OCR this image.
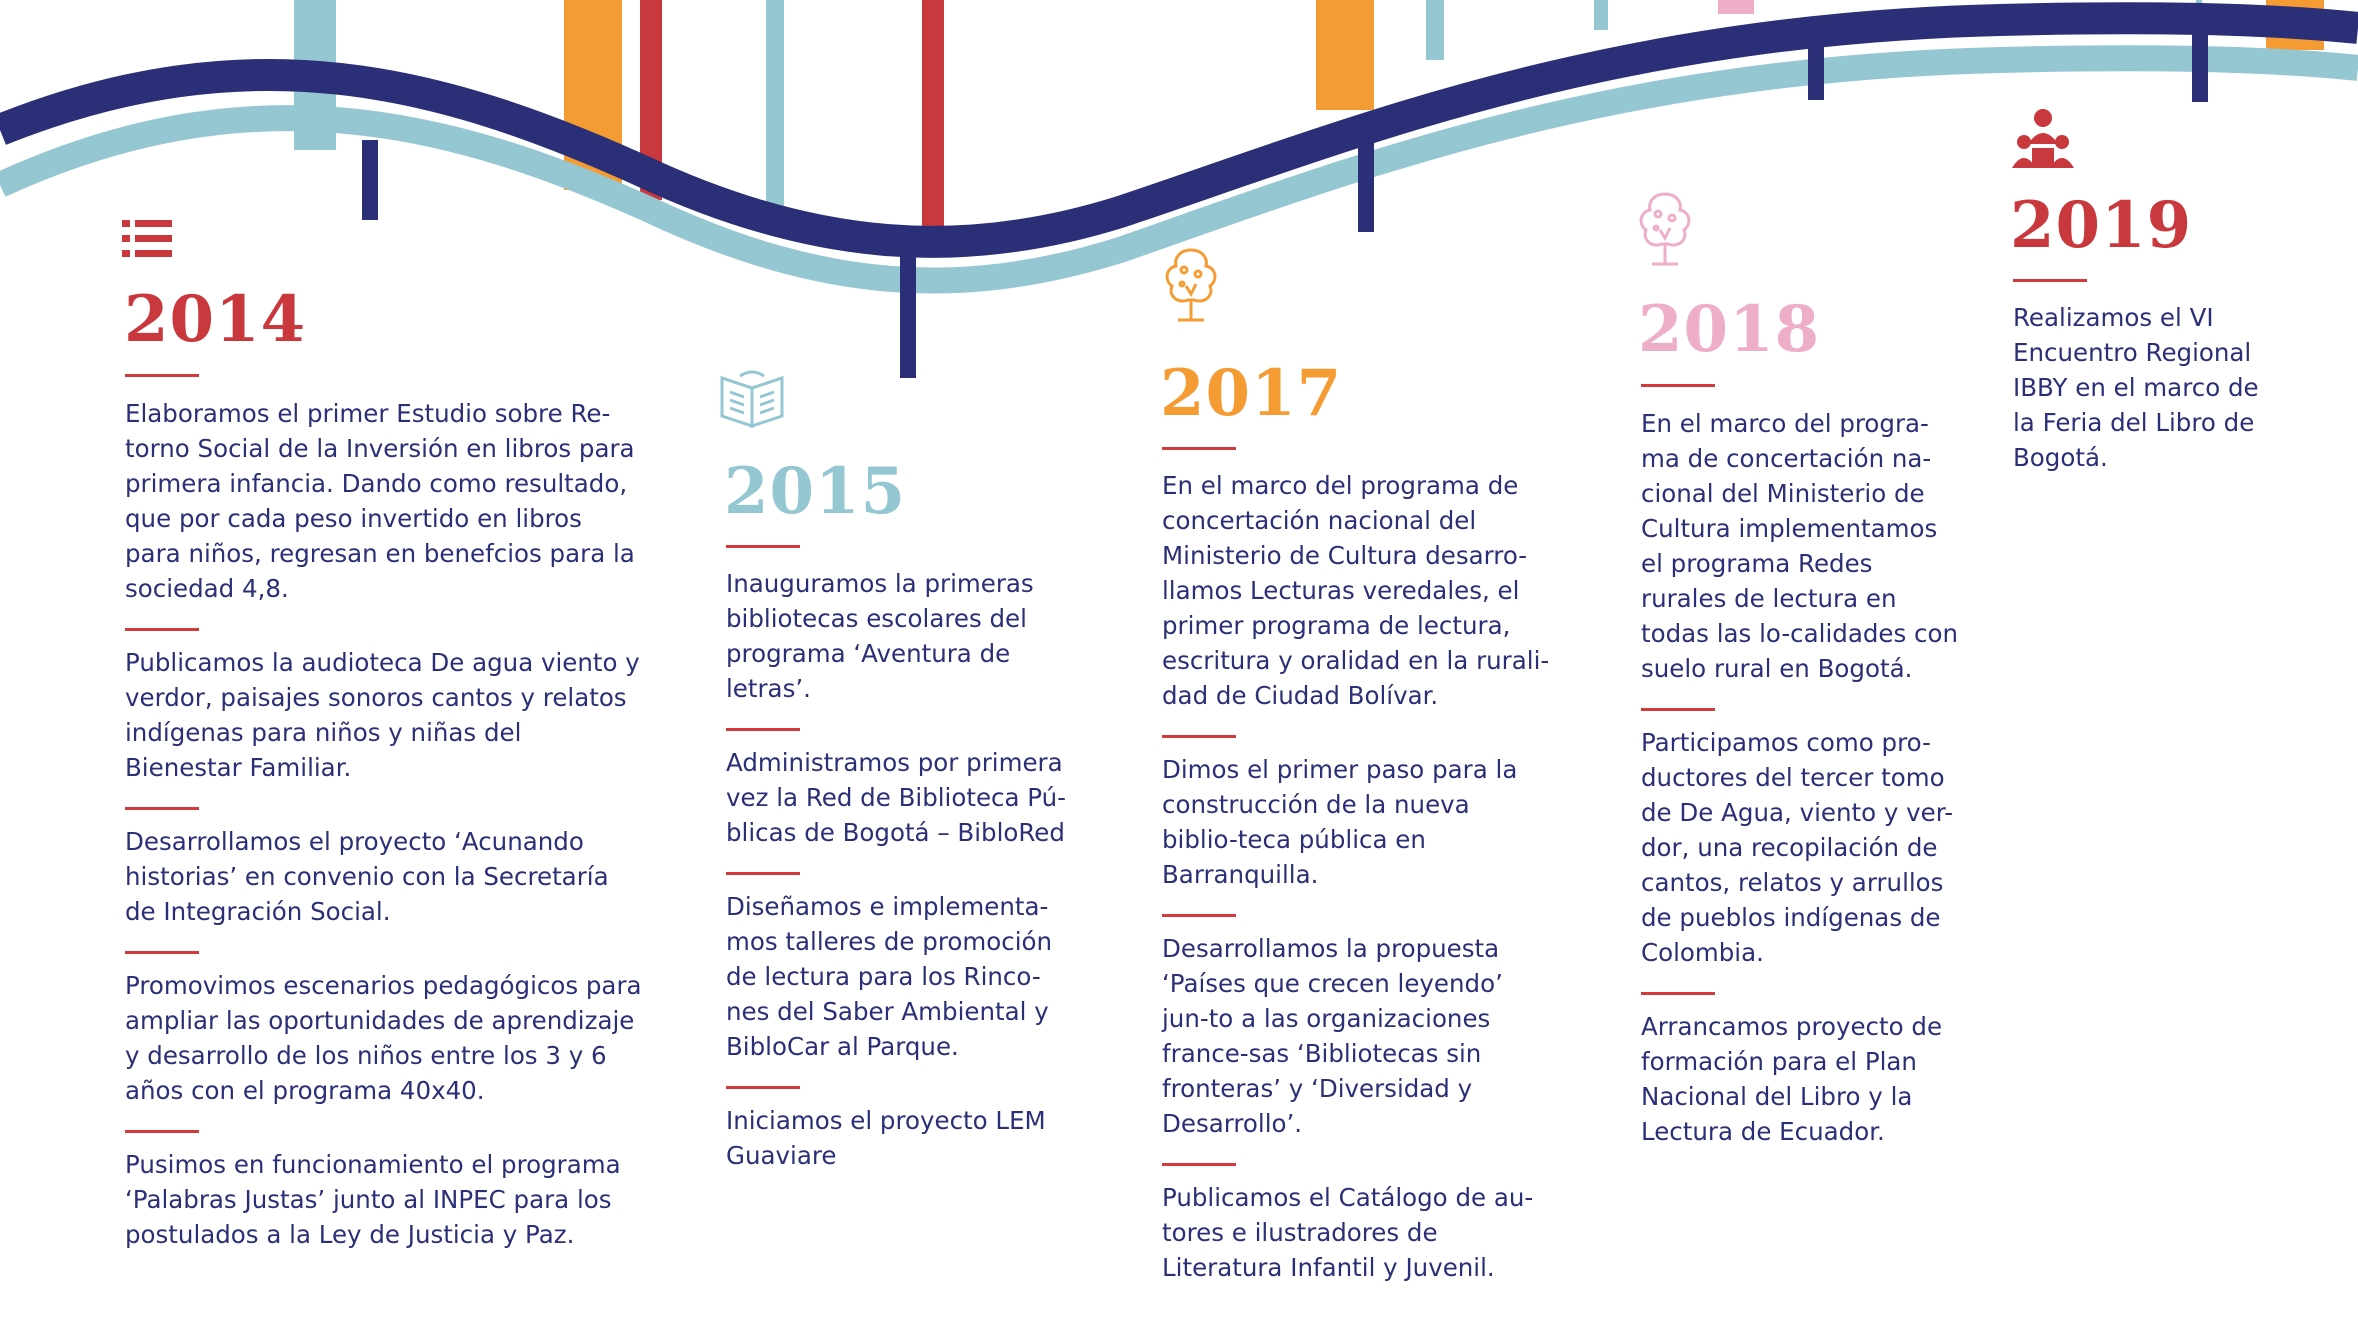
2014
Elaboramos el primer Estudio sobre Re-torno Social de la Inversión en libros para primera infancia. Dando como resultado, que por cada peso invertido en libros para niños, regresan en benefcios para la sociedad 4,8.
Publicamos la audioteca De agua viento y verdor, paisajes sonoros cantos y relatos indígenas para niños y niñas del Bienestar Familiar.
Desarrollamos el proyecto ‘Acunando historias’ en convenio con la Secretaría de Integración Social.
Promovimos escenarios pedagógicos para ampliar las oportunidades de aprendizaje y desarrollo de los niños entre los 3 y 6 años con el programa 40x40.
Pusimos en funcionamiento el programa ‘Palabras Justas’ junto al INPEC para los postulados a la Ley de Justicia y Paz.
2015
Inauguramos la primeras bibliotecas escolares del programa ‘Aventura de letras’.
Administramos por primera vez la Red de Biblioteca Pú-blicas de Bogotá – BibloRed
Diseñamos e implementa-mos talleres de promoción de lectura para los Rinco-nes del Saber Ambiental y BibloCar al Parque.
Iniciamos el proyecto LEM Guaviare
2017
En el marco del programa de concertación nacional del Ministerio de Cultura desarro-llamos Lecturas veredales, el primer programa de lectura, escritura y oralidad en la rurali-dad de Ciudad Bolívar.
Dimos el primer paso para la construcción de la nueva biblio-teca pública en Barranquilla.
Desarrollamos la propuesta ‘Países que crecen leyendo’ jun-to a las organizaciones france-sas ‘Bibliotecas sin fronteras’ y ‘Diversidad y Desarrollo’.
Publicamos el Catálogo de au-tores e ilustradores de Literatura Infantil y Juvenil.
2018
En el marco del progra-ma de concertación na-cional del Ministerio de Cultura implementamos el programa Redes rurales de lectura en todas las lo-calidades con suelo rural en Bogotá.
Participamos como pro-ductores del tercer tomo de De Agua, viento y ver-dor, una recopilación de cantos, relatos y arrullos de pueblos indígenas de Colombia.
Arrancamos proyecto de formación para el Plan Nacional del Libro y la Lectura de Ecuador.
2019
Realizamos el VI Encuentro Regional IBBY en el marco de la Feria del Libro de Bogotá.
